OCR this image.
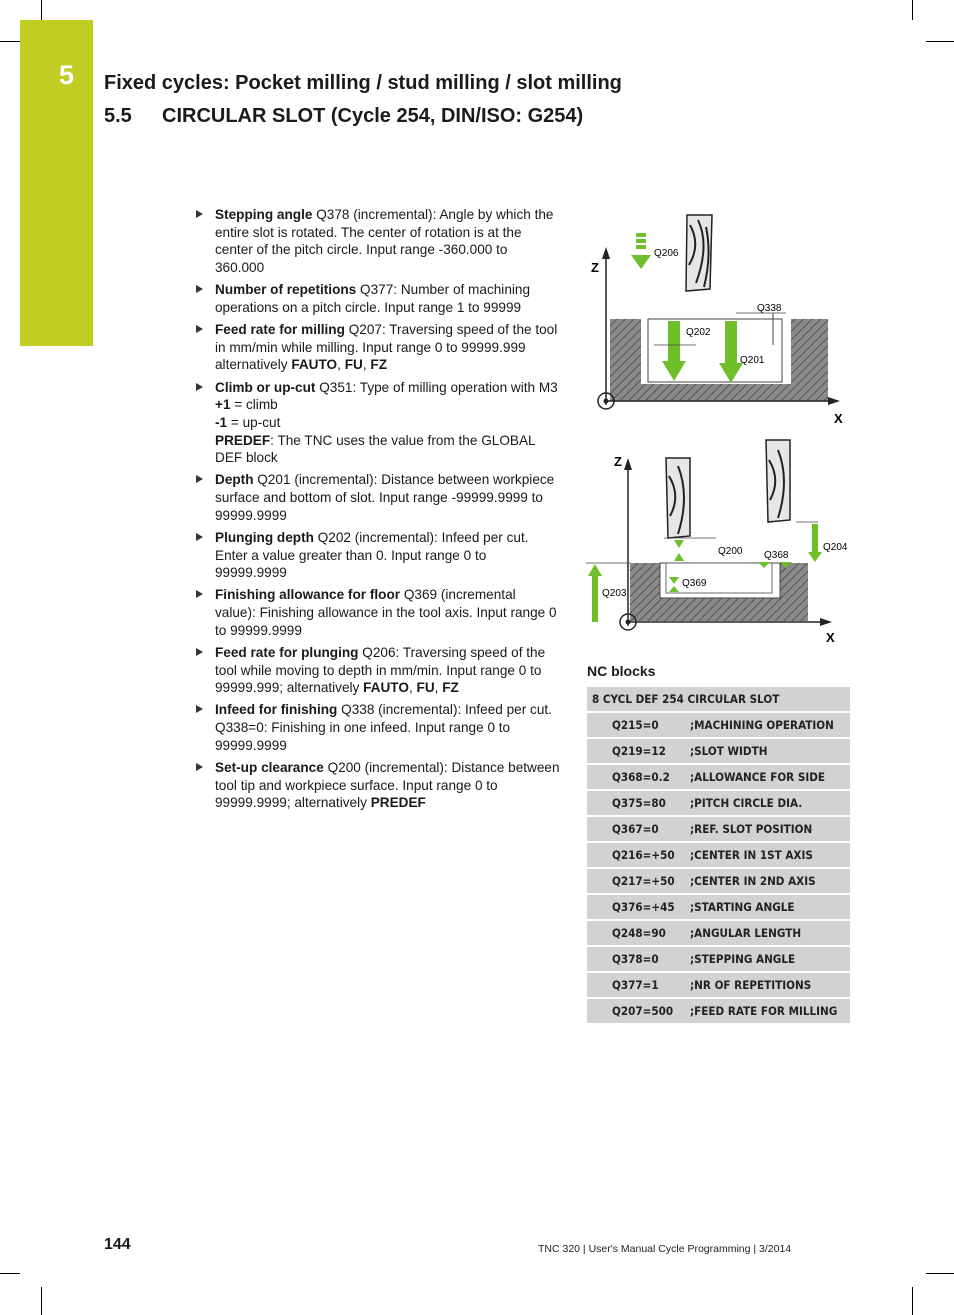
5	Fixed cycles: Pocket milling / stud milling / slot milling
5.5 CIRCULAR SLOT (Cycle 254, DIN/ISO: G254)
Stepping angle Q378 (incremental): Angle by which the entire slot is rotated. The center of rotation is at the center of the pitch circle. Input range -360.000 to 360.000
Number of repetitions Q377: Number of machining operations on a pitch circle. Input range 1 to 99999
Feed rate for milling Q207: Traversing speed of the tool in mm/min while milling. Input range 0 to 99999.999 alternatively FAUTO, FU, FZ
Climb or up-cut Q351: Type of milling operation with M3
+1 = climb
-1 = up-cut
PREDEF: The TNC uses the value from the GLOBAL DEF block
Depth Q201 (incremental): Distance between workpiece surface and bottom of slot. Input range -99999.9999 to 99999.9999
Plunging depth Q202 (incremental): Infeed per cut. Enter a value greater than 0. Input range 0 to 99999.9999
Finishing allowance for floor Q369 (incremental value): Finishing allowance in the tool axis. Input range 0 to 99999.9999
Feed rate for plunging Q206: Traversing speed of the tool while moving to depth in mm/min. Input range 0 to 99999.999; alternatively FAUTO, FU, FZ
Infeed for finishing Q338 (incremental): Infeed per cut. Q338=0: Finishing in one infeed. Input range 0 to 99999.9999
Set-up clearance Q200 (incremental): Distance between tool tip and workpiece surface. Input range 0 to 99999.9999; alternatively PREDEF
Z
X
Q206
Q338
Q202
Q201
Z
X
Q200 Q368
Q204
Q369
Q203
NC blocks
8 CYCL DEF 254 CIRCULAR SLOT	
Q215=0	;MACHINING OPERATION
Q219=12	;SLOT WIDTH
Q368=0.2	;ALLOWANCE FOR SIDE
Q375=80	;PITCH CIRCLE DIA.
Q367=0	;REF. SLOT POSITION
Q216=+50	;CENTER IN 1ST AXIS
Q217=+50	;CENTER IN 2ND AXIS
Q376=+45	;STARTING ANGLE
Q248=90	;ANGULAR LENGTH
Q378=0	;STEPPING ANGLE
Q377=1	;NR OF REPETITIONS
Q207=500	;FEED RATE FOR MILLING
144	TNC 320 | User's Manual Cycle Programming | 3/2014
